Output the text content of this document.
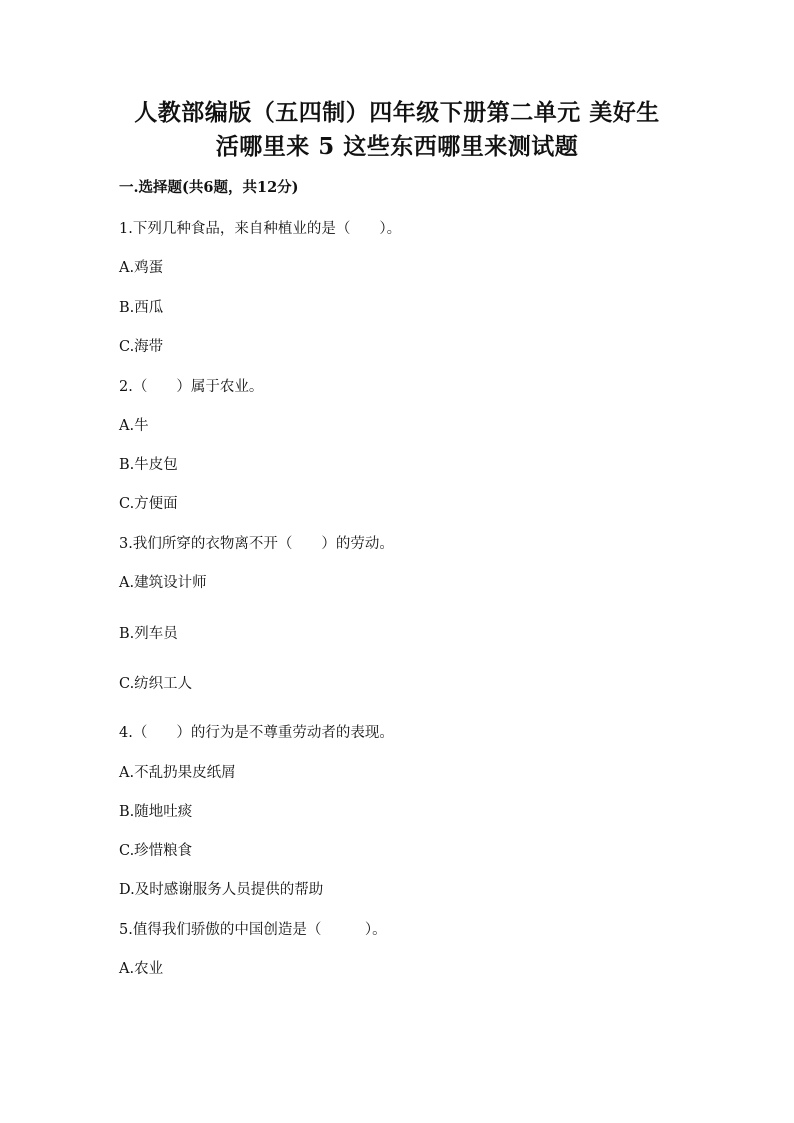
人教部编版（五四制）四年级下册第二单元 美好生
活哪里来 5 这些东西哪里来测试题
一.选择题(共6题，共12分)
1.下列几种食品，来自种植业的是（　　）。
A.鸡蛋
B.西瓜
C.海带
2.（　　）属于农业。
A.牛
B.牛皮包
C.方便面
3.我们所穿的衣物离不开（　　）的劳动。
A.建筑设计师
B.列车员
C.纺织工人
4.（　　）的行为是不尊重劳动者的表现。
A.不乱扔果皮纸屑
B.随地吐痰
C.珍惜粮食
D.及时感谢服务人员提供的帮助
5.值得我们骄傲的中国创造是（　　　）。
A.农业
